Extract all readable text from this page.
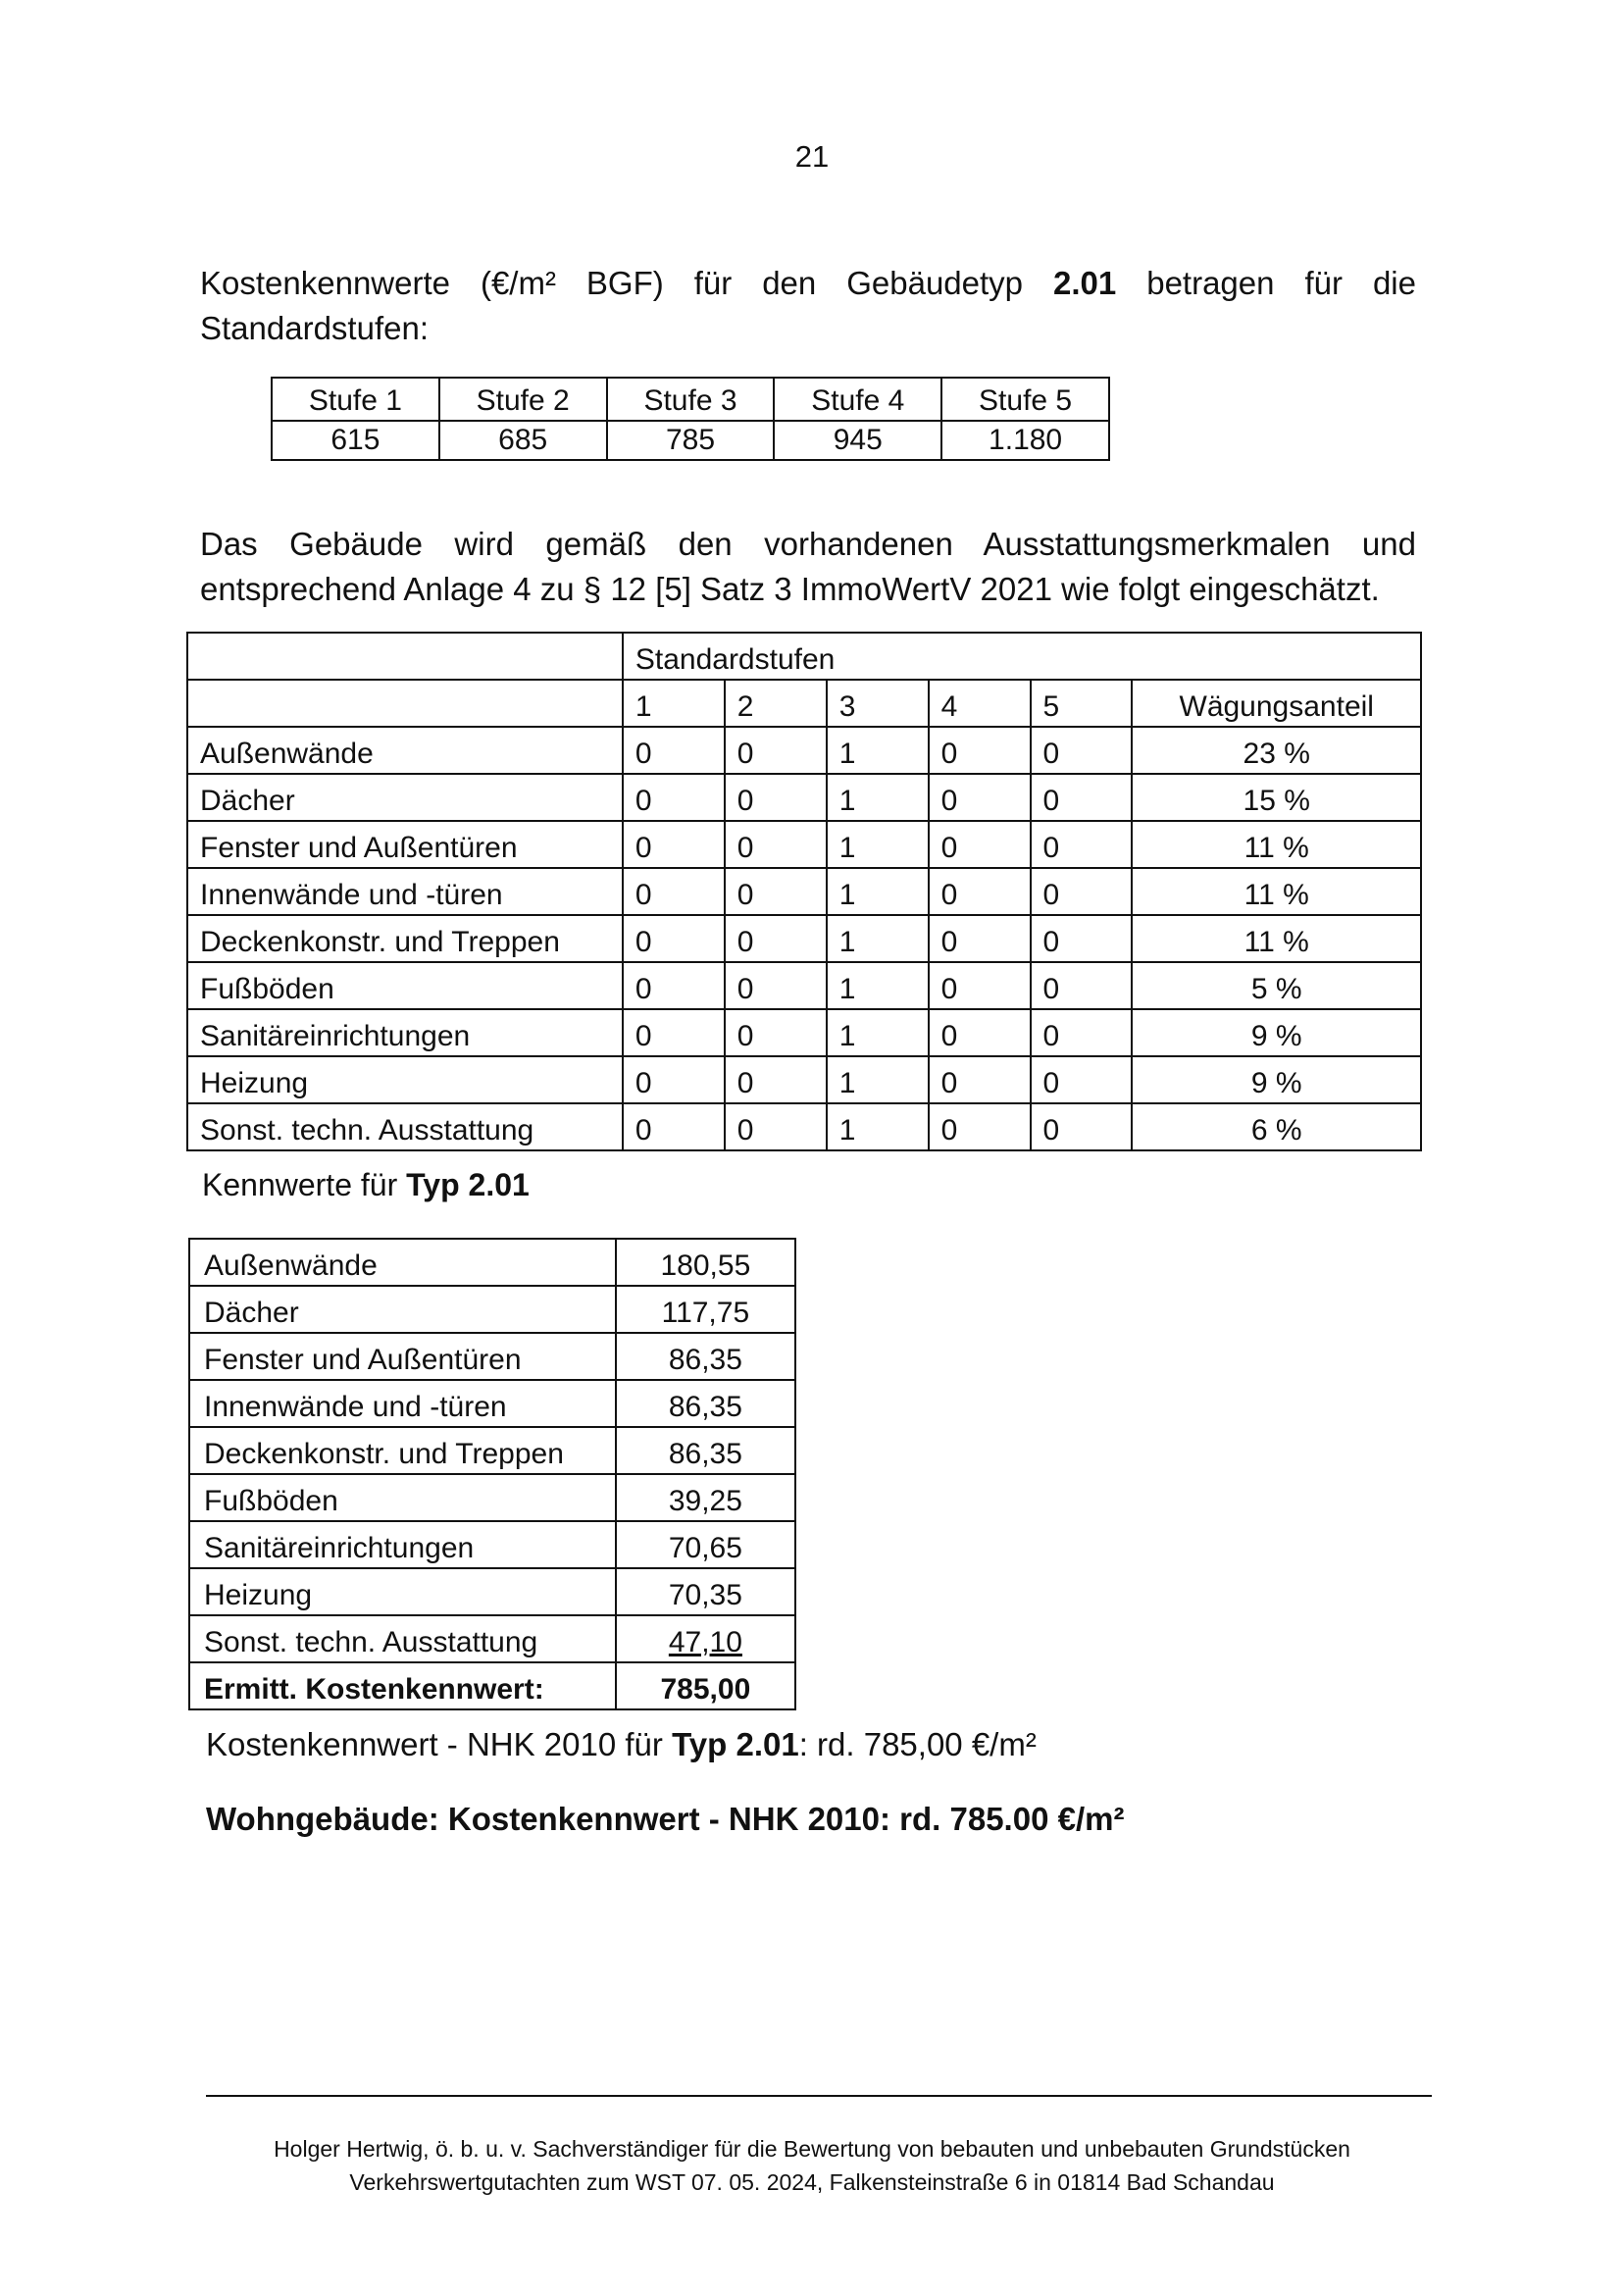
21
Kostenkennwerte (€/m² BGF) für den Gebäudetyp 2.01 betragen für die Standardstufen:
Stufe 1	Stufe 2	Stufe 3	Stufe 4	Stufe 5
615	685	785	945	1.180
Das Gebäude wird gemäß den vorhandenen Ausstattungsmerkmalen und entsprechend Anlage 4 zu § 12 [5] Satz 3 ImmoWertV 2021 wie folgt eingeschätzt.
	Standardstufen					
	1	2	3	4	5	Wägungsanteil
Außenwände	0	0	1	0	0	23 %
Dächer	0	0	1	0	0	15 %
Fenster und Außentüren	0	0	1	0	0	11 %
Innenwände und -türen	0	0	1	0	0	11 %
Deckenkonstr. und Treppen	0	0	1	0	0	11 %
Fußböden	0	0	1	0	0	5 %
Sanitäreinrichtungen	0	0	1	0	0	9 %
Heizung	0	0	1	0	0	9 %
Sonst. techn. Ausstattung	0	0	1	0	0	6 %
Kennwerte für Typ 2.01
Außenwände	180,55
Dächer	117,75
Fenster und Außentüren	86,35
Innenwände und -türen	86,35
Deckenkonstr. und Treppen	86,35
Fußböden	39,25
Sanitäreinrichtungen	70,65
Heizung	70,35
Sonst. techn. Ausstattung	47,10
Ermitt. Kostenkennwert:	785,00
Kostenkennwert - NHK 2010 für Typ 2.01: rd. 785,00 €/m²
Wohngebäude: Kostenkennwert - NHK 2010: rd. 785.00 €/m²
Holger Hertwig, ö. b. u. v. Sachverständiger für die Bewertung von bebauten und unbebauten Grundstücken
Verkehrswertgutachten zum WST 07. 05. 2024, Falkensteinstraße 6 in 01814 Bad Schandau
